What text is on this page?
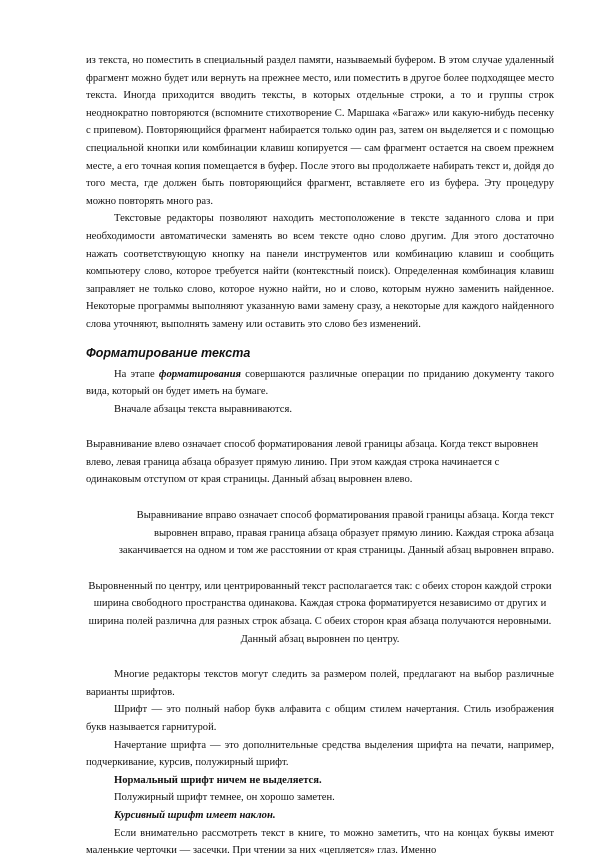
из текста, но поместить в специальный раздел памяти, называемый буфером. В этом случае удаленный фрагмент можно будет или вернуть на прежнее место, или поместить в другое более подходящее место текста. Иногда приходится вводить тексты, в которых отдельные строки, а то и группы строк неоднократно повторяются (вспомните стихотворение С. Маршака «Багаж» или какую-нибудь песенку с припевом). Повторяющийся фрагмент набирается только один раз, затем он выделяется и с помощью специальной кнопки или комбинации клавиш копируется — сам фрагмент остается на своем прежнем месте, а его точная копия помещается в буфер. После этого вы продолжаете набирать текст и, дойдя до того места, где должен быть повторяющийся фрагмент, вставляете его из буфера. Эту процедуру можно повторять много раз.

Текстовые редакторы позволяют находить местоположение в тексте заданного слова и при необходимости автоматически заменять во всем тексте одно слово другим. Для этого достаточно нажать соответствующую кнопку на панели инструментов или комбинацию клавиш и сообщить компьютеру слово, которое требуется найти (контекстный поиск). Определенная комбинация клавиш заправляет не только слово, которое нужно найти, но и слово, которым нужно заменить найденное. Некоторые программы выполняют указанную вами замену сразу, а некоторые для каждого найденного слова уточняют, выполнять замену или оставить это слово без изменений.

Форматирование текста

На этапе форматирования совершаются различные операции по приданию документу такого вида, который он будет иметь на бумаге.

Вначале абзацы текста выравниваются.

Выравнивание влево означает способ форматирования левой границы абзаца. Когда текст выровнен влево, левая граница абзаца образует прямую линию. При этом каждая строка начинается с одинаковым отступом от края страницы. Данный абзац выровнен влево.

Выравнивание вправо означает способ форматирования правой границы абзаца. Когда текст выровнен вправо, правая граница абзаца образует прямую линию. Каждая строка абзаца заканчивается на одном и том же расстоянии от края страницы. Данный абзац выровнен вправо.

Выровненный по центру, или центрированный текст располагается так: с обеих сторон каждой строки ширина свободного пространства одинакова. Каждая строка форматируется независимо от других и ширина полей различна для разных строк абзаца. С обеих сторон края абзаца получаются неровными. Данный абзац выровнен по центру.

Многие редакторы текстов могут следить за размером полей, предлагают на выбор различные варианты шрифтов.

Шрифт — это полный набор букв алфавита с общим стилем начертания. Стиль изображения букв называется гарнитурой.

Начертание шрифта — это дополнительные средства выделения шрифта на печати, например, подчеркивание, курсив, полужирный шрифт.

Нормальный шрифт ничем не выделяется.

Полужирный шрифт темнее, он хорошо заметен.

Курсивный шрифт имеет наклон.

Если внимательно рассмотреть текст в книге, то можно заметить, что на концах буквы имеют маленькие черточки — засечки. При чтении за них «цепляется» глаз. Именно
